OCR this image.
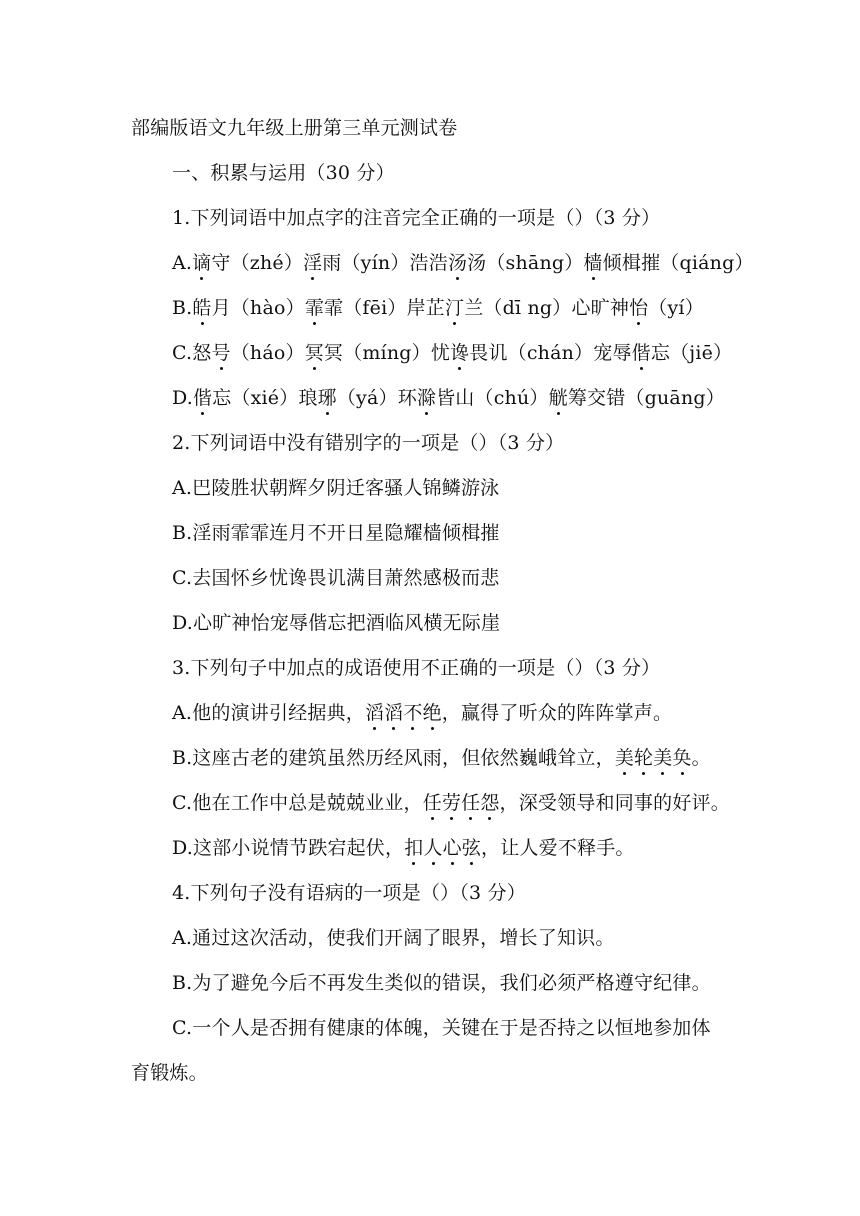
部编版语文九年级上册第三单元测试卷
一、积累与运用（30 分）
1.下列词语中加点字的注音完全正确的一项是（）（3 分）
A.谪守（zhé）淫雨（yín）浩浩汤汤（shāng）樯倾楫摧（qiáng）
B.皓月（hào）霏霏（fēi）岸芷汀兰（dī ng）心旷神怡（yí）
C.怒号（háo）冥冥（míng）忧谗畏讥（chán）宠辱偕忘（jiē）
D.偕忘（xié）琅琊（yá）环滁皆山（chú）觥筹交错（guāng）
2.下列词语中没有错别字的一项是（）（3 分）
A.巴陵胜状朝辉夕阴迁客骚人锦鳞游泳
B.淫雨霏霏连月不开日星隐耀樯倾楫摧
C.去国怀乡忧谗畏讥满目萧然感极而悲
D.心旷神怡宠辱偕忘把酒临风横无际崖
3.下列句子中加点的成语使用不正确的一项是（）（3 分）
A.他的演讲引经据典，滔滔不绝，赢得了听众的阵阵掌声。
B.这座古老的建筑虽然历经风雨，但依然巍峨耸立，美轮美奂。
C.他在工作中总是兢兢业业，任劳任怨，深受领导和同事的好评。
D.这部小说情节跌宕起伏，扣人心弦，让人爱不释手。
4.下列句子没有语病的一项是（）（3 分）
A.通过这次活动，使我们开阔了眼界，增长了知识。
B.为了避免今后不再发生类似的错误，我们必须严格遵守纪律。
C.一个人是否拥有健康的体魄，关键在于是否持之以恒地参加体
育锻炼。
